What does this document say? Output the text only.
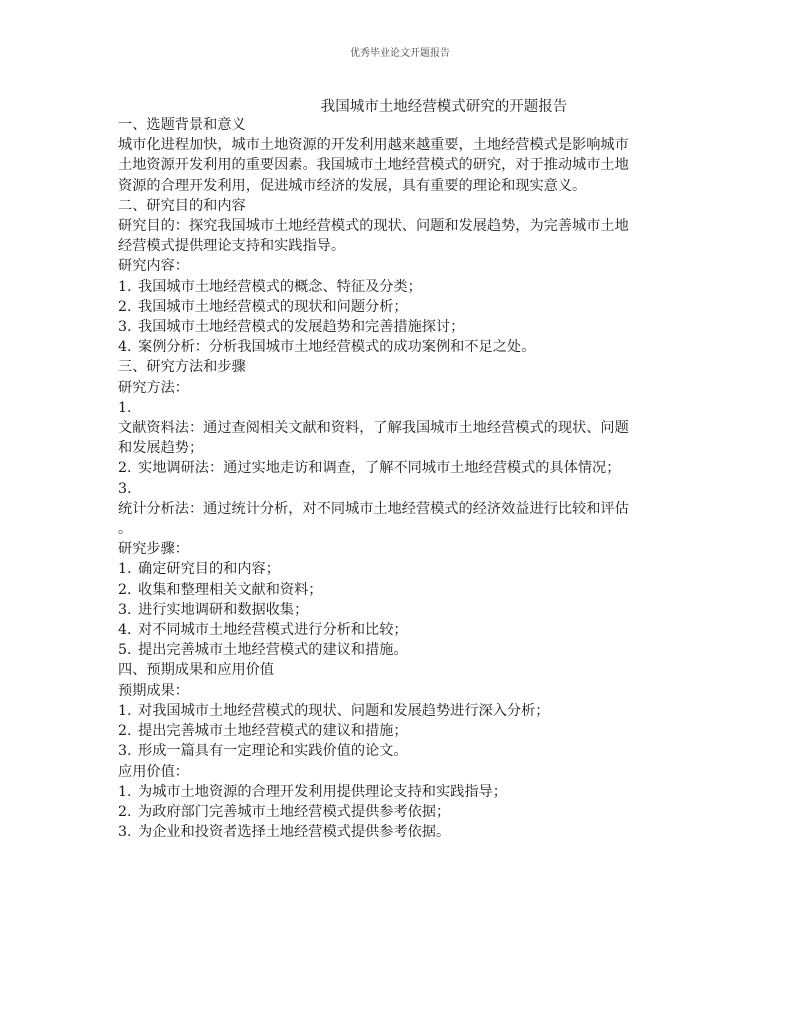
优秀毕业论文开题报告
我国城市土地经营模式研究的开题报告
一、选题背景和意义
城市化进程加快，城市土地资源的开发利用越来越重要，土地经营模式是影响城市
土地资源开发利用的重要因素。我国城市土地经营模式的研究，对于推动城市土地
资源的合理开发利用，促进城市经济的发展，具有重要的理论和现实意义。
二、研究目的和内容
研究目的：探究我国城市土地经营模式的现状、问题和发展趋势，为完善城市土地
经营模式提供理论支持和实践指导。
研究内容：
1. 我国城市土地经营模式的概念、特征及分类；
2. 我国城市土地经营模式的现状和问题分析；
3. 我国城市土地经营模式的发展趋势和完善措施探讨；
4. 案例分析：分析我国城市土地经营模式的成功案例和不足之处。
三、研究方法和步骤
研究方法：
1.
文献资料法：通过查阅相关文献和资料，了解我国城市土地经营模式的现状、问题
和发展趋势；
2. 实地调研法：通过实地走访和调查，了解不同城市土地经营模式的具体情况；
3.
统计分析法：通过统计分析，对不同城市土地经营模式的经济效益进行比较和评估
。
研究步骤：
1. 确定研究目的和内容；
2. 收集和整理相关文献和资料；
3. 进行实地调研和数据收集；
4. 对不同城市土地经营模式进行分析和比较；
5. 提出完善城市土地经营模式的建议和措施。
四、预期成果和应用价值
预期成果：
1. 对我国城市土地经营模式的现状、问题和发展趋势进行深入分析；
2. 提出完善城市土地经营模式的建议和措施；
3. 形成一篇具有一定理论和实践价值的论文。
应用价值：
1. 为城市土地资源的合理开发利用提供理论支持和实践指导；
2. 为政府部门完善城市土地经营模式提供参考依据；
3. 为企业和投资者选择土地经营模式提供参考依据。
